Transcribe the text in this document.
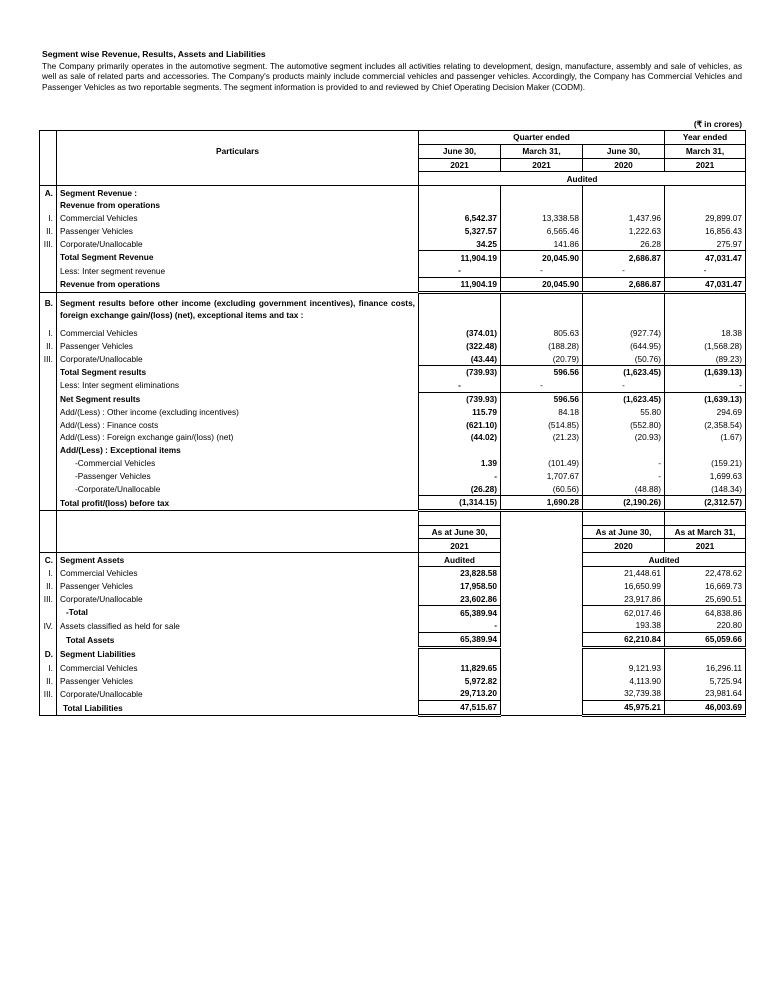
Segment wise Revenue, Results, Assets and Liabilities
The Company primarily operates in the automotive segment. The automotive segment includes all activities relating to development, design, manufacture, assembly and sale of vehicles, as well as sale of related parts and accessories. The Company's products mainly include commercial vehicles and passenger vehicles. Accordingly, the Company has Commercial Vehicles and Passenger Vehicles as two reportable segments. The segment information is provided to and reviewed by Chief Operating Decision Maker (CODM).
(₹ in crores)
		Quarter ended			Year ended
	Particulars	June 30,	March 31,	June 30,	March 31,
		2021	2021	2020	2021
		Audited			
A.	Segment Revenue :				
	Revenue from operations				
I.	Commercial Vehicles	6,542.37	13,338.58	1,437.96	29,899.07
II.	Passenger Vehicles	5,327.57	6,565.46	1,222.63	16,856.43
III.	Corporate/Unallocable	34.25	141.86	26.28	275.97
	Total Segment Revenue	11,904.19	20,045.90	2,686.87	47,031.47
	Less: Inter segment revenue	-	-	-	-
	Revenue from operations	11,904.19	20,045.90	2,686.87	47,031.47
B.	Segment results before other income (excluding government incentives), finance costs, foreign exchange gain/(loss) (net), exceptional items and tax :				
I.	Commercial Vehicles	(374.01)	805.63	(927.74)	18.38
II.	Passenger Vehicles	(322.48)	(188.28)	(644.95)	(1,568.28)
III.	Corporate/Unallocable	(43.44)	(20.79)	(50.76)	(89.23)
	Total Segment results	(739.93)	596.56	(1,623.45)	(1,639.13)
	Less: Inter segment eliminations	-	-	-	-
	Net Segment results	(739.93)	596.56	(1,623.45)	(1,639.13)
	Add/(Less) : Other income (excluding incentives)	115.79	84.18	55.80	294.69
	Add/(Less) : Finance costs	(621.10)	(514.85)	(552.80)	(2,358.54)
	Add/(Less) : Foreign exchange gain/(loss) (net)	(44.02)	(21.23)	(20.93)	(1.67)
	Add/(Less) : Exceptional items				
	-Commercial Vehicles	1.39	(101.49)	-	(159.21)
	-Passenger Vehicles	-	1,707.67	-	1,699.63
	-Corporate/Unallocable	(26.28)	(60.56)	(48.88)	(148.34)
	Total profit/(loss) before tax	(1,314.15)	1,690.28	(2,190.26)	(2,312.57)

		As at June 30,		As at June 30,	As at March 31,
		2021		2020	2021
C.	Segment Assets	Audited		Audited	
I.	Commercial Vehicles	23,828.58		21,448.61	22,478.62
II.	Passenger Vehicles	17,958.50		16,650.99	16,669.73
III.	Corporate/Unallocable	23,602.86		23,917.86	25,690.51
	-Total	65,389.94		62,017.46	64,838.86
IV.	Assets classified as held for sale	-		193.38	220.80
	Total Assets	65,389.94		62,210.84	65,059.66
D.	Segment Liabilities				
I.	Commercial Vehicles	11,829.65		9,121.93	16,296.11
II.	Passenger Vehicles	5,972.82		4,113.90	5,725.94
III.	Corporate/Unallocable	29,713.20		32,739.38	23,981.64
	Total Liabilities	47,515.67		45,975.21	46,003.69
